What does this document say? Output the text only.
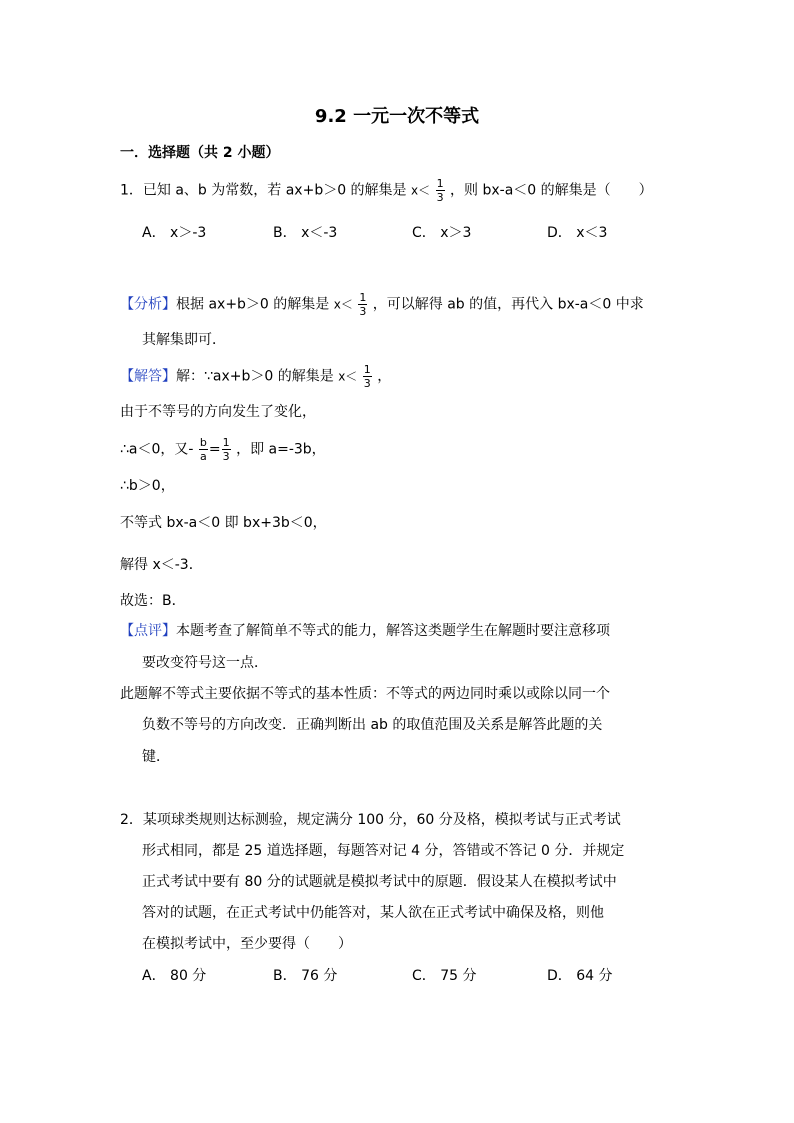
9.2 一元一次不等式
一．选择题（共 2 小题）
1．已知 a、b 为常数，若 ax+b＞0 的解集是 $x< \frac{1}{3}$ ，则 bx-a＜0 的解集是（　　）
A． x＞-3	B． x＜-3	C． x＞3	D． x＜3
【分析】根据 ax+b＞0 的解集是 $x< \frac{1}{3}$ ，可以解得 ab 的值，再代入 bx-a＜0 中求
其解集即可．
【解答】解：∵ax+b＞0 的解集是 $x< \frac{1}{3}$ ，
由于不等号的方向发生了变化，
∴a＜0，又- $\frac{b}{a} = \frac{1}{3}$ ，即 a=-3b，
∴b＞0，
不等式 bx-a＜0 即 bx+3b＜0，
解得 x＜-3．
故选：B．
【点评】本题考查了解简单不等式的能力，解答这类题学生在解题时要注意移项
要改变符号这一点．
此题解不等式主要依据不等式的基本性质：不等式的两边同时乘以或除以同一个
负数不等号的方向改变．正确判断出 ab 的取值范围及关系是解答此题的关
键．
2．某项球类规则达标测验，规定满分 100 分，60 分及格，模拟考试与正式考试
形式相同，都是 25 道选择题，每题答对记 4 分，答错或不答记 0 分．并规定
正式考试中要有 80 分的试题就是模拟考试中的原题．假设某人在模拟考试中
答对的试题，在正式考试中仍能答对，某人欲在正式考试中确保及格，则他
在模拟考试中，至少要得（　　）
A． 80 分	B． 76 分	C． 75 分	D． 64 分
